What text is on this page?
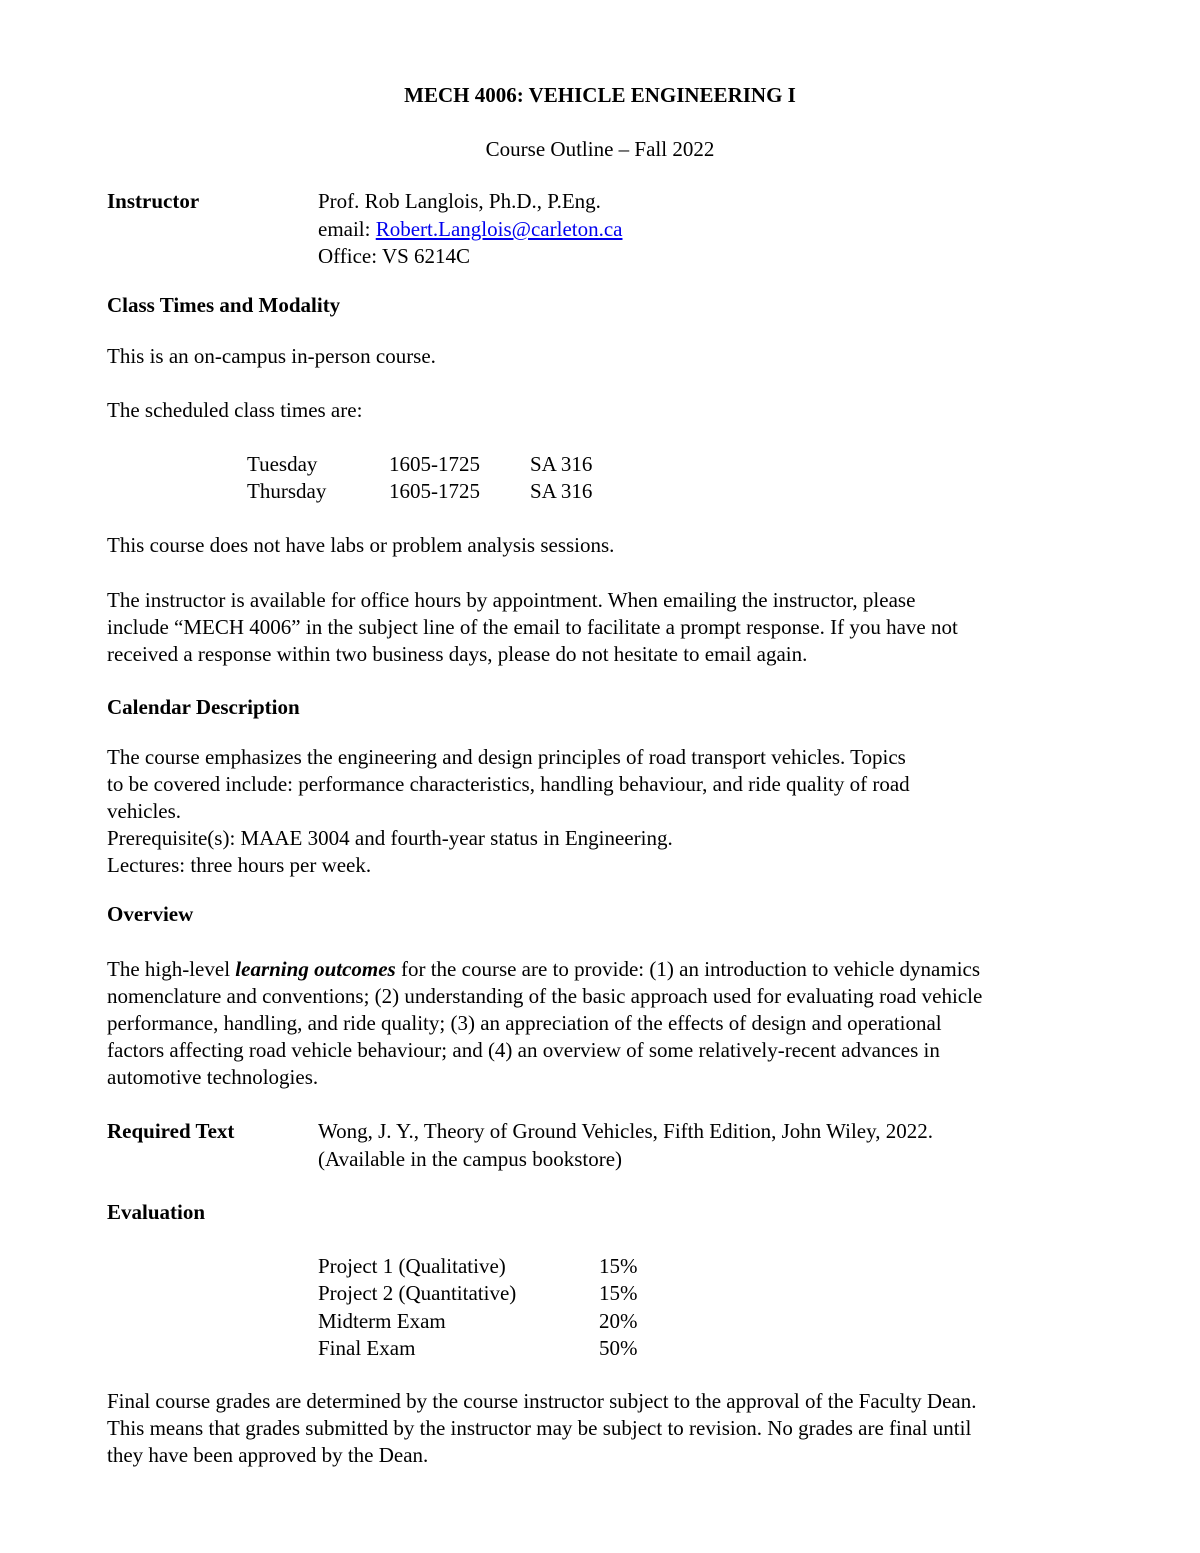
MECH 4006: VEHICLE ENGINEERING I
Course Outline – Fall 2022
Instructor	Prof. Rob Langlois, Ph.D., P.Eng.
email: Robert.Langlois@carleton.ca
Office: VS 6214C
Class Times and Modality
This is an on-campus in-person course.
The scheduled class times are:
Tuesday	1605-1725 SA 316
Thursday	1605-1725 SA 316
This course does not have labs or problem analysis sessions.
The instructor is available for office hours by appointment. When emailing the instructor, please
include “MECH 4006” in the subject line of the email to facilitate a prompt response. If you have not
received a response within two business days, please do not hesitate to email again.
Calendar Description
The course emphasizes the engineering and design principles of road transport vehicles. Topics
to be covered include: performance characteristics, handling behaviour, and ride quality of road
vehicles.
Prerequisite(s): MAAE 3004 and fourth-year status in Engineering.
Lectures: three hours per week.
Overview
The high-level learning outcomes for the course are to provide: (1) an introduction to vehicle dynamics
nomenclature and conventions; (2) understanding of the basic approach used for evaluating road vehicle
performance, handling, and ride quality; (3) an appreciation of the effects of design and operational
factors affecting road vehicle behaviour; and (4) an overview of some relatively-recent advances in
automotive technologies.
Required Text	Wong, J. Y., Theory of Ground Vehicles, Fifth Edition, John Wiley, 2022.
(Available in the campus bookstore)
Evaluation
Project 1 (Qualitative)	15%
Project 2 (Quantitative)	15%
Midterm Exam	20%
Final Exam	50%
Final course grades are determined by the course instructor subject to the approval of the Faculty Dean.
This means that grades submitted by the instructor may be subject to revision. No grades are final until
they have been approved by the Dean.
